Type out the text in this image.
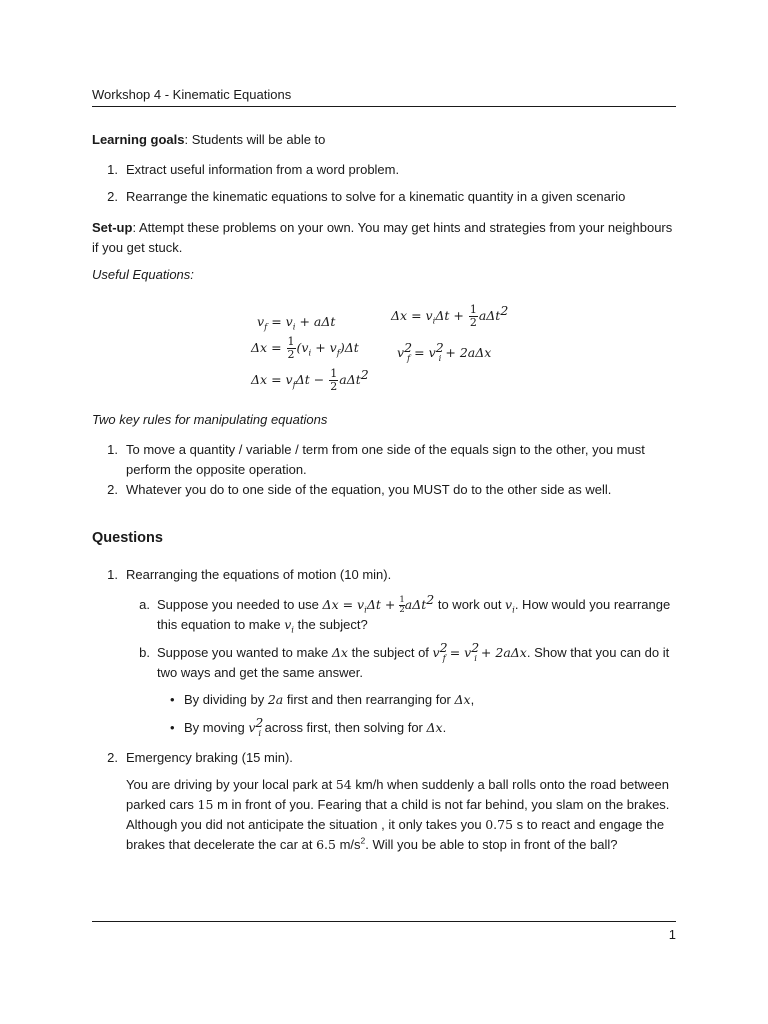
Workshop 4 - Kinematic Equations
Learning goals: Students will be able to
1. Extract useful information from a word problem.
2. Rearrange the kinematic equations to solve for a kinematic quantity in a given scenario
Set-up: Attempt these problems on your own. You may get hints and strategies from your neighbours
if you get stuck.
Useful Equations:
$v_f = v_i + a\Delta t$	$\Delta x = v_i\Delta t + \frac{1}{2} a\Delta t^2$
$\Delta x = \frac{1}{2} (v_i + v_f)\Delta t$	$v^2_f = v^2_i + 2a\Delta x$
$\Delta x = v_f\Delta t - \frac{1}{2} a\Delta t^2$
Two key rules for manipulating equations
1. To move a quantity / variable / term from one side of the equals sign to the other, you must
perform the opposite operation.
2. Whatever you do to one side of the equation, you MUST do to the other side as well.
Questions
1. Rearranging the equations of motion (10 min).
a. Suppose you needed to use $\Delta x = v_i\Delta t + \frac{1}{2}a\Delta t^2$ to work out $v_i$. How would you rearrange
this equation to make $v_i$ the subject?
b. Suppose you wanted to make Δx the subject of $v^2_f = v^2_i + 2a\Delta x$. Show that you can do it
two ways and get the same answer.
• By dividing by 2a first and then rearranging for Δx,
• By moving $v^2_i$ across first, then solving for Δx.
2. Emergency braking (15 min).
You are driving by your local park at 54 km/h when suddenly a ball rolls onto the road between
parked cars 15 m in front of you. Fearing that a child is not far behind, you slam on the brakes.
Although you did not anticipate the situation , it only takes you 0.75 s to react and engage the
brakes that decelerate the car at 6.5 $m/s^2$. Will you be able to stop in front of the ball?
1
